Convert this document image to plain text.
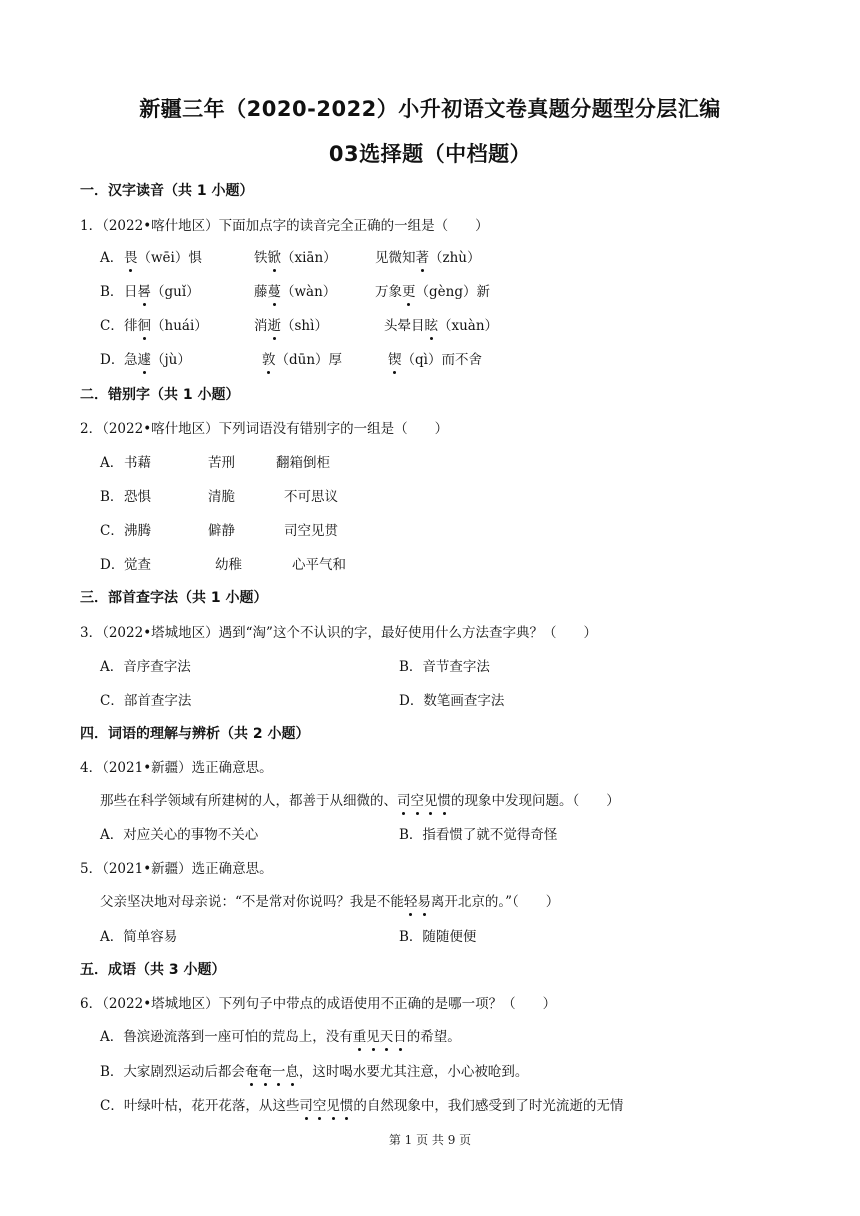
新疆三年（2020-2022）小升初语文卷真题分题型分层汇编
03选择题（中档题）
一．汉字读音（共 1 小题）
1．（2022•喀什地区）下面加点字的读音完全正确的一组是（　　）
A． 畏（wēi）惧	铁锨（xiān）	见微知著（zhù）
B． 日晷（guǐ）	藤蔓（wàn）	万象更（gèng）新
C． 徘徊（huái）	消逝（shì）	头晕目眩（xuàn）
D． 急遽（jù）	敦（dūn）厚	锲（qì）而不舍
二．错别字（共 1 小题）
2．（2022•喀什地区）下列词语没有错别字的一组是（　　）
A． 书藉	苦刑	翻箱倒柜
B． 恐惧	清脆	不可思议
C． 沸腾	僻静	司空见贯
D． 觉查	幼稚	心平气和
三．部首查字法（共 1 小题）
3．（2022•塔城地区）遇到“淘”这个不认识的字，最好使用什么方法查字典？（　　）
A．音序查字法	B．音节查字法
C．部首查字法	D．数笔画查字法
四．词语的理解与辨析（共 2 小题）
4．（2021•新疆）选正确意思。
那些在科学领域有所建树的人，都善于从细微的、司空见惯的现象中发现问题。（　　）
A．对应关心的事物不关心	B．指看惯了就不觉得奇怪
5．（2021•新疆）选正确意思。
父亲坚决地对母亲说：“不是常对你说吗？我是不能轻易离开北京的。”（　　）
A．简单容易	B．随随便便
五．成语（共 3 小题）
6．（2022•塔城地区）下列句子中带点的成语使用不正确的是哪一项？（　　）
A．鲁滨逊流落到一座可怕的荒岛上，没有重见天日的希望。
B．大家剧烈运动后都会奄奄一息，这时喝水要尤其注意，小心被呛到。
C．叶绿叶枯，花开花落，从这些司空见惯的自然现象中，我们感受到了时光流逝的无情
第 1 页 共 9 页
